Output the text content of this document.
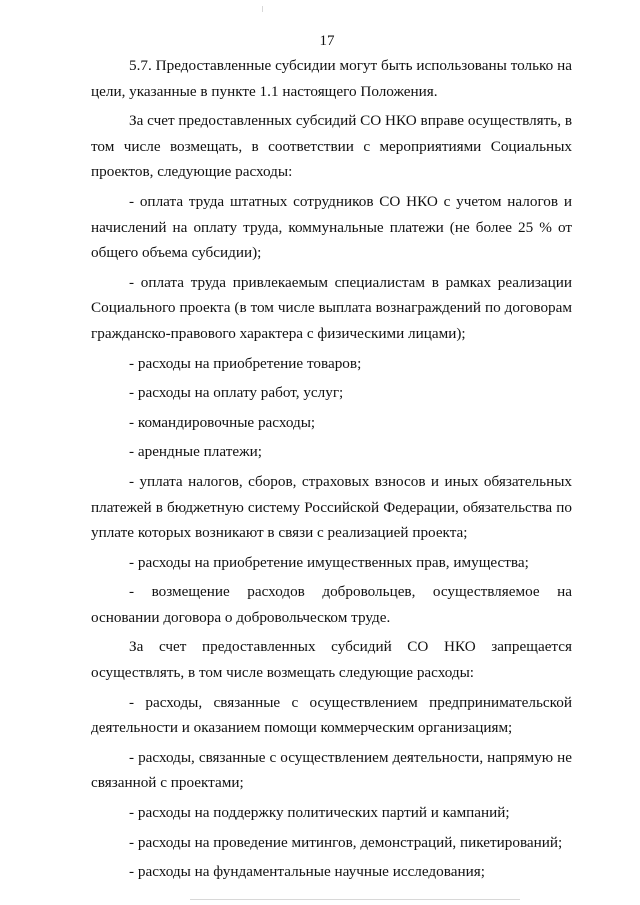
17

5.7. Предоставленные субсидии могут быть использованы только на цели, указанные в пункте 1.1 настоящего Положения.

За счет предоставленных субсидий СО НКО вправе осуществлять, в том числе возмещать, в соответствии с мероприятиями Социальных проектов, следующие расходы:

- оплата труда штатных сотрудников СО НКО с учетом налогов и начислений на оплату труда, коммунальные платежи (не более 25 % от общего объема субсидии);

- оплата труда привлекаемым специалистам в рамках реализации Социального проекта (в том числе выплата вознаграждений по договорам гражданско-правового характера с физическими лицами);

- расходы на приобретение товаров;

- расходы на оплату работ, услуг;

- командировочные расходы;

- арендные платежи;

- уплата налогов, сборов, страховых взносов и иных обязательных платежей в бюджетную систему Российской Федерации, обязательства по уплате которых возникают в связи с реализацией проекта;

- расходы на приобретение имущественных прав, имущества;

- возмещение расходов добровольцев, осуществляемое на основании договора о добровольческом труде.

За счет предоставленных субсидий СО НКО запрещается осуществлять, в том числе возмещать следующие расходы:

- расходы, связанные с осуществлением предпринимательской деятельности и оказанием помощи коммерческим организациям;

- расходы, связанные с осуществлением деятельности, напрямую не связанной с проектами;

- расходы на поддержку политических партий и кампаний;

- расходы на проведение митингов, демонстраций, пикетирований;

- расходы на фундаментальные научные исследования;
